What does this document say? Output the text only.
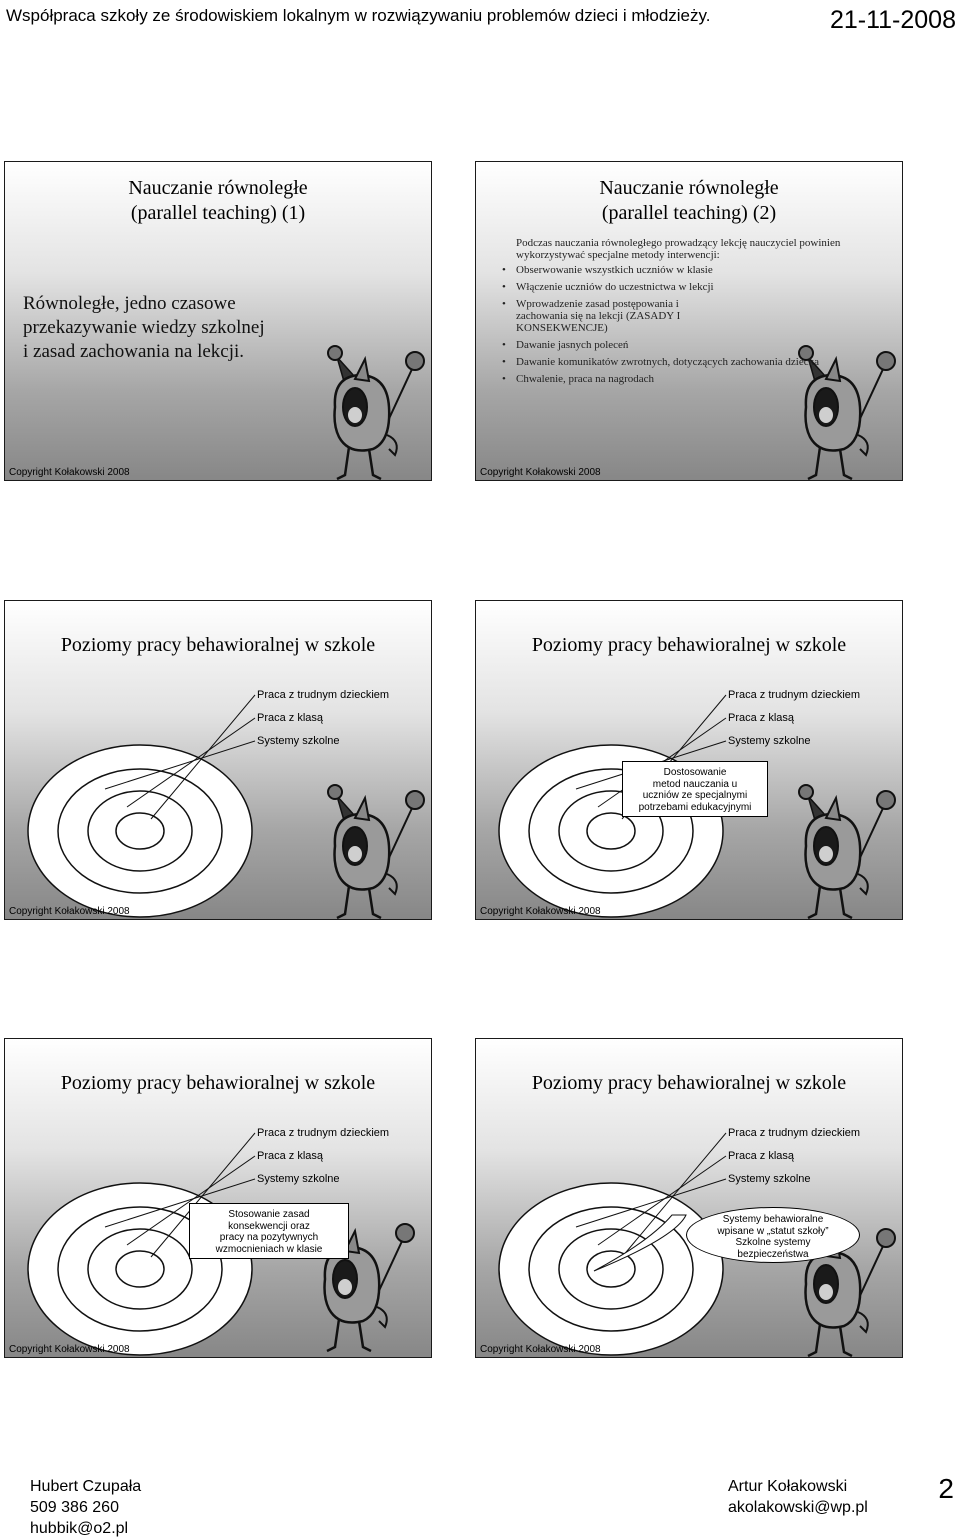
Współpraca szkoły ze środowiskiem lokalnym w rozwiązywaniu problemów dzieci i młodzieży.	21-11-2008
Nauczanie równoległe
(parallel teaching) (1)
Równoległe, jedno czasowe
przekazywanie wiedzy szkolnej
i zasad zachowania na lekcji.
Copyright Kołakowski 2008
Nauczanie równoległe
(parallel teaching) (2)

Podczas nauczania równoległego prowadzący lekcję nauczyciel powinien wykorzystywać specjalne metody interwencji:

• Obserwowanie wszystkich uczniów w klasie
• Włączenie uczniów do uczestnictwa w lekcji
• Wprowadzenie zasad postępowania i zachowania się na lekcji (ZASADY I KONSEKWENCJE)
• Dawanie jasnych poleceń
• Dawanie komunikatów zwrotnych, dotyczących zachowania dziecka
• Chwalenie, praca na nagrodach
Copyright Kołakowski 2008
Poziomy pracy behawioralnej w szkole
Praca z trudnym dzieckiem
Praca z klasą
Systemy szkolne
Copyright Kołakowski 2008
Poziomy pracy behawioralnej w szkole
Praca z trudnym dzieckiem
Praca z klasą
Systemy szkolne
Dostosowanie
metod nauczania u
uczniów ze specjalnymi
potrzebami edukacyjnymi
Copyright Kołakowski 2008
Poziomy pracy behawioralnej w szkole
Praca z trudnym dzieckiem
Praca z klasą
Systemy szkolne
Stosowanie zasad
konsekwencji oraz
pracy na pozytywnych
wzmocnieniach w klasie
Copyright Kołakowski 2008
Poziomy pracy behawioralnej w szkole
Praca z trudnym dzieckiem
Praca z klasą
Systemy szkolne
Systemy behawioralne
wpisane w „statut szkoły”
Szkolne systemy
bezpieczeństwa
Copyright Kołakowski 2008
Hubert Czupała
509 386 260
hubbik@o2.pl
Artur Kołakowski
akolakowski@wp.pl
2
